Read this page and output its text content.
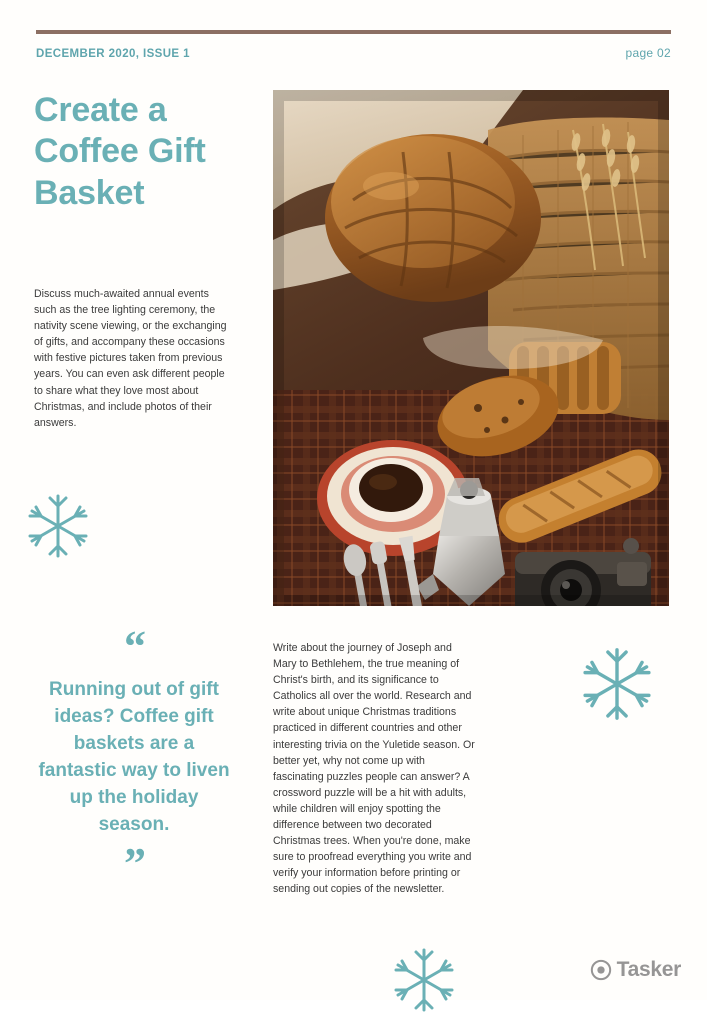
DECEMBER 2020, ISSUE 1	page 02
Create a Coffee Gift Basket
Discuss much-awaited annual events such as the tree lighting ceremony, the nativity scene viewing, or the exchanging of gifts, and accompany these occasions with festive pictures taken from previous years. You can even ask different people to share what they love most about Christmas, and include photos of their answers.
“
Running out of gift ideas? Coffee gift baskets are a fantastic way to liven up the holiday season.
”
Write about the journey of Joseph and Mary to Bethlehem, the true meaning of Christ's birth, and its significance to Catholics all over the world. Research and write about unique Christmas traditions practiced in different countries and other interesting trivia on the Yuletide season. Or better yet, why not come up with fascinating puzzles people can answer? A crossword puzzle will be a hit with adults, while children will enjoy spotting the difference between two decorated Christmas trees. When you're done, make sure to proofread everything you write and verify your information before printing or sending out copies of the newsletter.
Tasker
